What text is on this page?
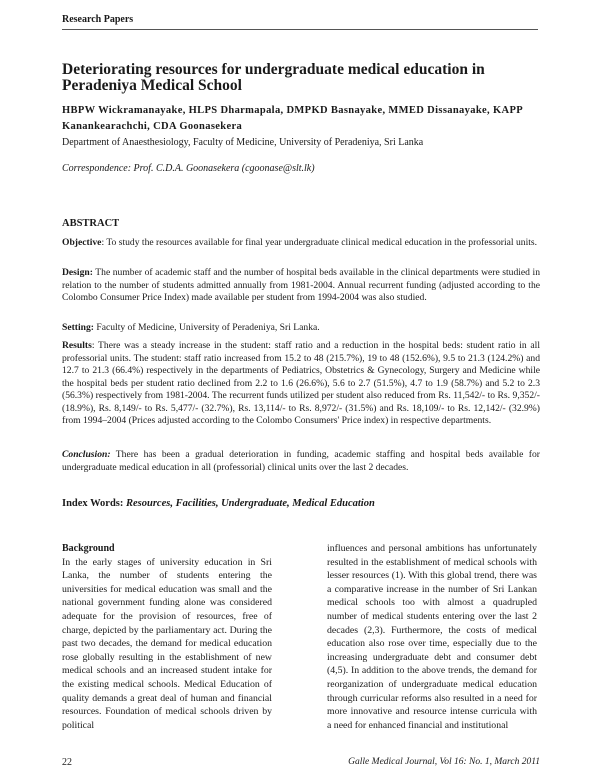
Research Papers
Deteriorating resources for undergraduate medical education in Peradeniya Medical School
HBPW Wickramanayake, HLPS Dharmapala, DMPKD Basnayake, MMED Dissanayake, KAPP Kanankearachchi, CDA Goonasekera
Department of Anaesthesiology, Faculty of Medicine, University of Peradeniya, Sri Lanka
Correspondence: Prof. C.D.A. Goonasekera (cgoonase@slt.lk)
ABSTRACT
Objective: To study the resources available for final year undergraduate clinical medical education in the professorial units.
Design: The number of academic staff and the number of hospital beds available in the clinical departments were studied in relation to the number of students admitted annually from 1981-2004. Annual recurrent funding (adjusted according to the Colombo Consumer Price Index) made available per student from 1994-2004 was also studied.
Setting: Faculty of Medicine, University of Peradeniya, Sri Lanka.
Results: There was a steady increase in the student: staff ratio and a reduction in the hospital beds: student ratio in all professorial units. The student: staff ratio increased from 15.2 to 48 (215.7%), 19 to 48 (152.6%), 9.5 to 21.3 (124.2%) and 12.7 to 21.3 (66.4%) respectively in the departments of Pediatrics, Obstetrics & Gynecology, Surgery and Medicine while the hospital beds per student ratio declined from 2.2 to 1.6 (26.6%), 5.6 to 2.7 (51.5%), 4.7 to 1.9 (58.7%) and 5.2 to 2.3 (56.3%) respectively from 1981-2004. The recurrent funds utilized per student also reduced from Rs. 11,542/- to Rs. 9,352/- (18.9%), Rs. 8,149/- to Rs. 5,477/- (32.7%), Rs. 13,114/- to Rs. 8,972/- (31.5%) and Rs. 18,109/- to Rs. 12,142/- (32.9%) from 1994–2004 (Prices adjusted according to the Colombo Consumers' Price index) in respective departments.
Conclusion: There has been a gradual deterioration in funding, academic staffing and hospital beds available for undergraduate medical education in all (professorial) clinical units over the last 2 decades.
Index Words: Resources, Facilities, Undergraduate, Medical Education
Background
In the early stages of university education in Sri Lanka, the number of students entering the universities for medical education was small and the national government funding alone was considered adequate for the provision of resources, free of charge, depicted by the parliamentary act. During the past two decades, the demand for medical education rose globally resulting in the establishment of new medical schools and an increased student intake for the existing medical schools. Medical Education of quality demands a great deal of human and financial resources. Foundation of medical schools driven by political
influences and personal ambitions has unfortunately resulted in the establishment of medical schools with lesser resources (1). With this global trend, there was a comparative increase in the number of Sri Lankan medical schools too with almost a quadrupled number of medical students entering over the last 2 decades (2,3). Furthermore, the costs of medical education also rose over time, especially due to the increasing undergraduate debt and consumer debt (4,5). In addition to the above trends, the demand for reorganization of undergraduate medical education through curricular reforms also resulted in a need for more innovative and resource intense curricula with a need for enhanced financial and institutional
22	Galle Medical Journal, Vol 16: No. 1, March 2011
